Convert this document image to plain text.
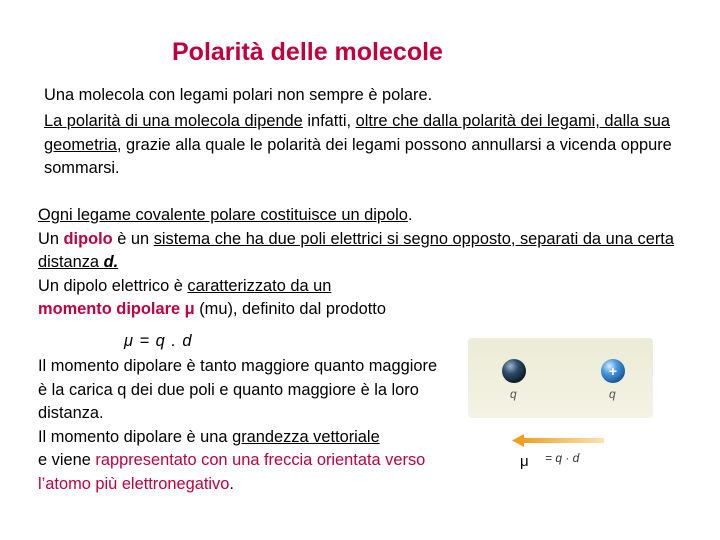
Polarità delle molecole

Una molecola con legami polari non sempre è polare.

La polarità di una molecola dipende infatti, oltre che dalla polarità dei legami, dalla sua geometria, grazie alla quale le polarità dei legami possono annullarsi a vicenda oppure sommarsi.

Ogni legame covalente polare costituisce un dipolo.
Un dipolo è un sistema che ha due poli elettrici si segno opposto, separati da una certa distanza d.
Un dipolo elettrico è caratterizzato da un
momento dipolare μ (mu), definito dal prodotto
μ = q . d

Il momento dipolare è tanto maggiore quanto maggiore è la carica q dei due poli e quanto maggiore è la loro distanza.
Il momento dipolare è una grandezza vettoriale
e viene rappresentato con una freccia orientata verso l’atomo più elettronegativo.

+
q	q
μ = q · d
